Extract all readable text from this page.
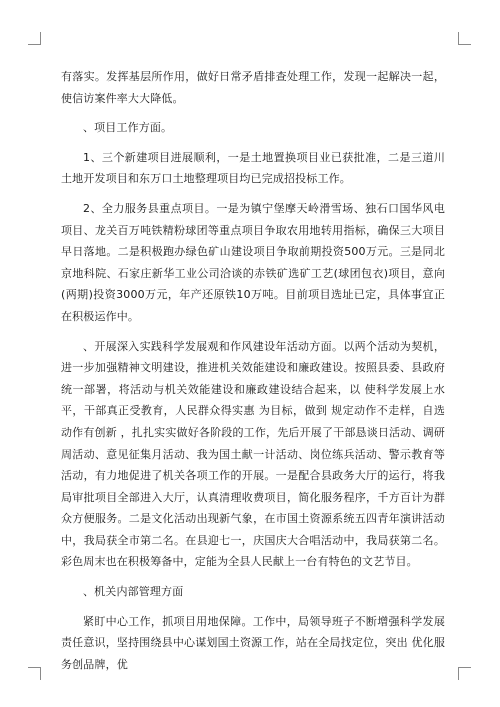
有落实。发挥基层所作用，做好日常矛盾排查处理工作，发现一起解决一起，使信访案件率大大降低。

、项目工作方面。

1、三个新建项目进展顺利，一是土地置换项目业已获批准，二是三道川土地开发项目和东万口土地整理项目均已完成招投标工作。

2、全力服务县重点项目。一是为镇宁堡摩天岭滑雪场、独石口国华风电项目、龙关百万吨铁精粉球团等重点项目争取农用地转用指标，确保三大项目早日落地。二是积极跑办绿色矿山建设项目争取前期投资500万元。三是同北京地科院、石家庄新华工业公司洽谈的赤铁矿选矿工艺(球团包衣)项目，意向(两期)投资3000万元，年产还原铁10万吨。目前项目选址已定，具体事宜正在积极运作中。

、开展深入实践科学发展观和作风建设年活动方面。以两个活动为契机，进一步加强精神文明建设，推进机关效能建设和廉政建设。按照县委、县政府统一部署，将活动与机关效能建设和廉政建设结合起来，以 使科学发展上水平，干部真正受教育，人民群众得实惠 为目标，做到 规定动作不走样，自选动作有创新 ，扎扎实实做好各阶段的工作，先后开展了干部恳谈日活动、调研周活动、意见征集月活动、我为国土献一计活动、岗位练兵活动、警示教育等活动，有力地促进了机关各项工作的开展。一是配合县政务大厅的运行，将我局审批项目全部进入大厅，认真清理收费项目，简化服务程序，千方百计为群众方便服务。二是文化活动出现新气象，在市国土资源系统五四青年演讲活动中，我局获全市第二名。在县迎七一，庆国庆大合唱活动中，我局获第二名。彩色周末也在积极筹备中，定能为全县人民献上一台有特色的文艺节目。

、机关内部管理方面

紧盯中心工作，抓项目用地保障。工作中，局领导班子不断增强科学发展责任意识，坚持围绕县中心谋划国土资源工作，站在全局找定位，突出 优化服务创品牌，优
